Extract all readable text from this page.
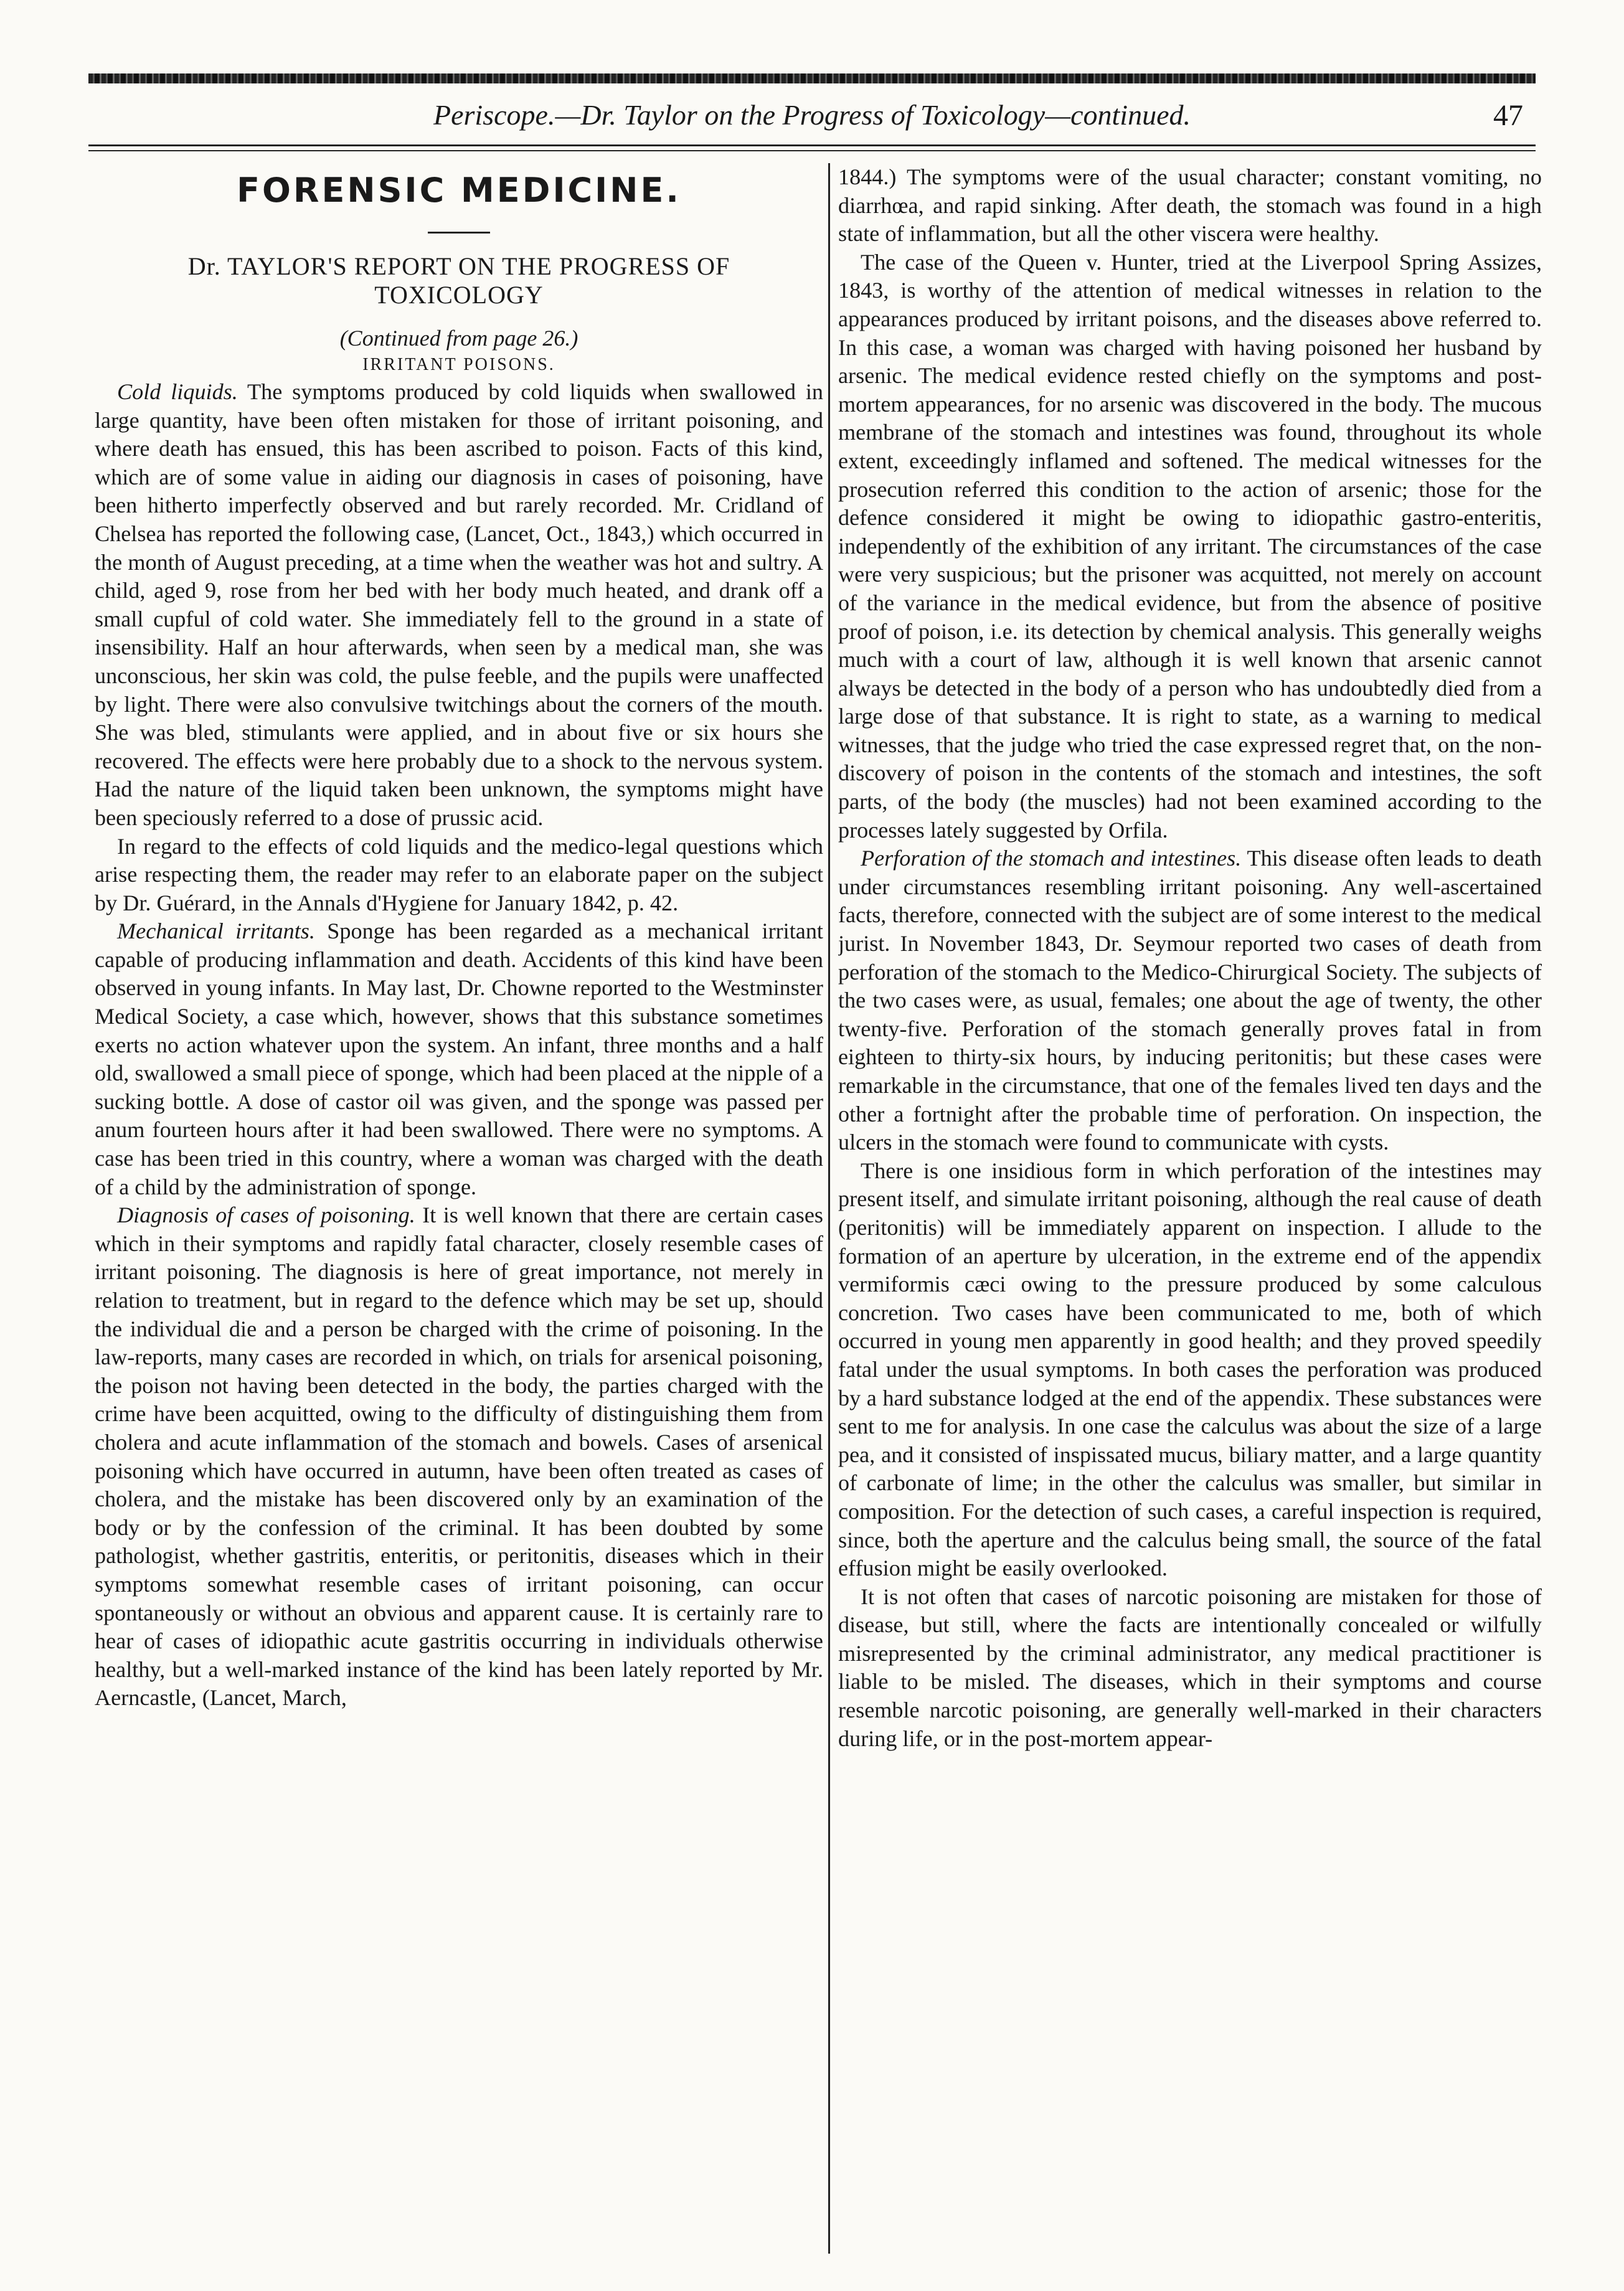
Periscope.—Dr. Taylor on the Progress of Toxicology—continued.	47
FORENSIC MEDICINE.
Dr. TAYLOR'S REPORT ON THE PROGRESS OF TOXICOLOGY
(Continued from page 26.)
IRRITANT POISONS.

Cold liquids. The symptoms produced by cold liquids when swallowed in large quantity, have been often mistaken for those of irritant poisoning, and where death has ensued, this has been ascribed to poison. Facts of this kind, which are of some value in aiding our diagnosis in cases of poisoning, have been hitherto imperfectly observed and but rarely recorded. Mr. Cridland of Chelsea has reported the following case, (Lancet, Oct., 1843,) which occurred in the month of August preceding, at a time when the weather was hot and sultry. A child, aged 9, rose from her bed with her body much heated, and drank off a small cupful of cold water. She immediately fell to the ground in a state of insensibility. Half an hour afterwards, when seen by a medical man, she was unconscious, her skin was cold, the pulse feeble, and the pupils were unaffected by light. There were also convulsive twitchings about the corners of the mouth. She was bled, stimulants were applied, and in about five or six hours she recovered. The effects were here probably due to a shock to the nervous system. Had the nature of the liquid taken been unknown, the symptoms might have been speciously referred to a dose of prussic acid.

In regard to the effects of cold liquids and the medico-legal questions which arise respecting them, the reader may refer to an elaborate paper on the subject by Dr. Guérard, in the Annals d'Hygiene for January 1842, p. 42.

Mechanical irritants. Sponge has been regarded as a mechanical irritant capable of producing inflammation and death. Accidents of this kind have been observed in young infants. In May last, Dr. Chowne reported to the Westminster Medical Society, a case which, however, shows that this substance sometimes exerts no action whatever upon the system. An infant, three months and a half old, swallowed a small piece of sponge, which had been placed at the nipple of a sucking bottle. A dose of castor oil was given, and the sponge was passed per anum fourteen hours after it had been swallowed. There were no symptoms. A case has been tried in this country, where a woman was charged with the death of a child by the administration of sponge.

Diagnosis of cases of poisoning. It is well known that there are certain cases which in their symptoms and rapidly fatal character, closely resemble cases of irritant poisoning. The diagnosis is here of great importance, not merely in relation to treatment, but in regard to the defence which may be set up, should the individual die and a person be charged with the crime of poisoning. In the law-reports, many cases are recorded in which, on trials for arsenical poisoning, the poison not having been detected in the body, the parties charged with the crime have been acquitted, owing to the difficulty of distinguishing them from cholera and acute inflammation of the stomach and bowels. Cases of arsenical poisoning which have occurred in autumn, have been often treated as cases of cholera, and the mistake has been discovered only by an examination of the body or by the confession of the criminal. It has been doubted by some pathologist, whether gastritis, enteritis, or peritonitis, diseases which in their symptoms somewhat resemble cases of irritant poisoning, can occur spontaneously or without an obvious and apparent cause. It is certainly rare to hear of cases of idiopathic acute gastritis occurring in individuals otherwise healthy, but a well-marked instance of the kind has been lately reported by Mr. Aerncastle, (Lancet, March,

1844.) The symptoms were of the usual character; constant vomiting, no diarrhœa, and rapid sinking. After death, the stomach was found in a high state of inflammation, but all the other viscera were healthy.

The case of the Queen v. Hunter, tried at the Liverpool Spring Assizes, 1843, is worthy of the attention of medical witnesses in relation to the appearances produced by irritant poisons, and the diseases above referred to. In this case, a woman was charged with having poisoned her husband by arsenic. The medical evidence rested chiefly on the symptoms and post-mortem appearances, for no arsenic was discovered in the body. The mucous membrane of the stomach and intestines was found, throughout its whole extent, exceedingly inflamed and softened. The medical witnesses for the prosecution referred this condition to the action of arsenic; those for the defence considered it might be owing to idiopathic gastro-enteritis, independently of the exhibition of any irritant. The circumstances of the case were very suspicious; but the prisoner was acquitted, not merely on account of the variance in the medical evidence, but from the absence of positive proof of poison, i.e. its detection by chemical analysis. This generally weighs much with a court of law, although it is well known that arsenic cannot always be detected in the body of a person who has undoubtedly died from a large dose of that substance. It is right to state, as a warning to medical witnesses, that the judge who tried the case expressed regret that, on the non-discovery of poison in the contents of the stomach and intestines, the soft parts, of the body (the muscles) had not been examined according to the processes lately suggested by Orfila.

Perforation of the stomach and intestines. This disease often leads to death under circumstances resembling irritant poisoning. Any well-ascertained facts, therefore, connected with the subject are of some interest to the medical jurist. In November 1843, Dr. Seymour reported two cases of death from perforation of the stomach to the Medico-Chirurgical Society. The subjects of the two cases were, as usual, females; one about the age of twenty, the other twenty-five. Perforation of the stomach generally proves fatal in from eighteen to thirty-six hours, by inducing peritonitis; but these cases were remarkable in the circumstance, that one of the females lived ten days and the other a fortnight after the probable time of perforation. On inspection, the ulcers in the stomach were found to communicate with cysts.

There is one insidious form in which perforation of the intestines may present itself, and simulate irritant poisoning, although the real cause of death (peritonitis) will be immediately apparent on inspection. I allude to the formation of an aperture by ulceration, in the extreme end of the appendix vermiformis cæci owing to the pressure produced by some calculous concretion. Two cases have been communicated to me, both of which occurred in young men apparently in good health; and they proved speedily fatal under the usual symptoms. In both cases the perforation was produced by a hard substance lodged at the end of the appendix. These substances were sent to me for analysis. In one case the calculus was about the size of a large pea, and it consisted of inspissated mucus, biliary matter, and a large quantity of carbonate of lime; in the other the calculus was smaller, but similar in composition. For the detection of such cases, a careful inspection is required, since, both the aperture and the calculus being small, the source of the fatal effusion might be easily overlooked.

It is not often that cases of narcotic poisoning are mistaken for those of disease, but still, where the facts are intentionally concealed or wilfully misrepresented by the criminal administrator, any medical practitioner is liable to be misled. The diseases, which in their symptoms and course resemble narcotic poisoning, are generally well-marked in their characters during life, or in the post-mortem appear-
